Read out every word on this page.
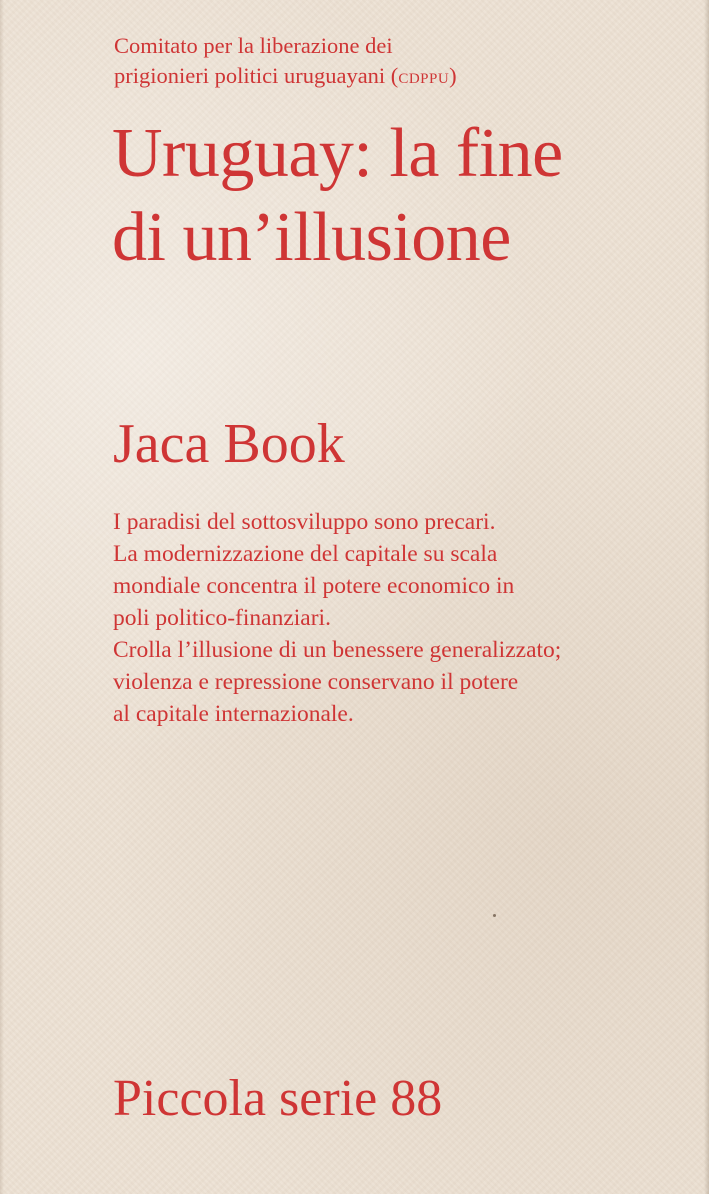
Comitato per la liberazione dei
prigionieri politici uruguayani (CDPPU)

Uruguay: la fine
di un’illusione
Jaca Book

I paradisi del sottosviluppo sono precari.
La modernizzazione del capitale su scala
mondiale concentra il potere economico in
poli politico-finanziari.
Crolla l’illusione di un benessere generalizzato;
violenza e repressione conservano il potere
al capitale internazionale.

Piccola serie 88
